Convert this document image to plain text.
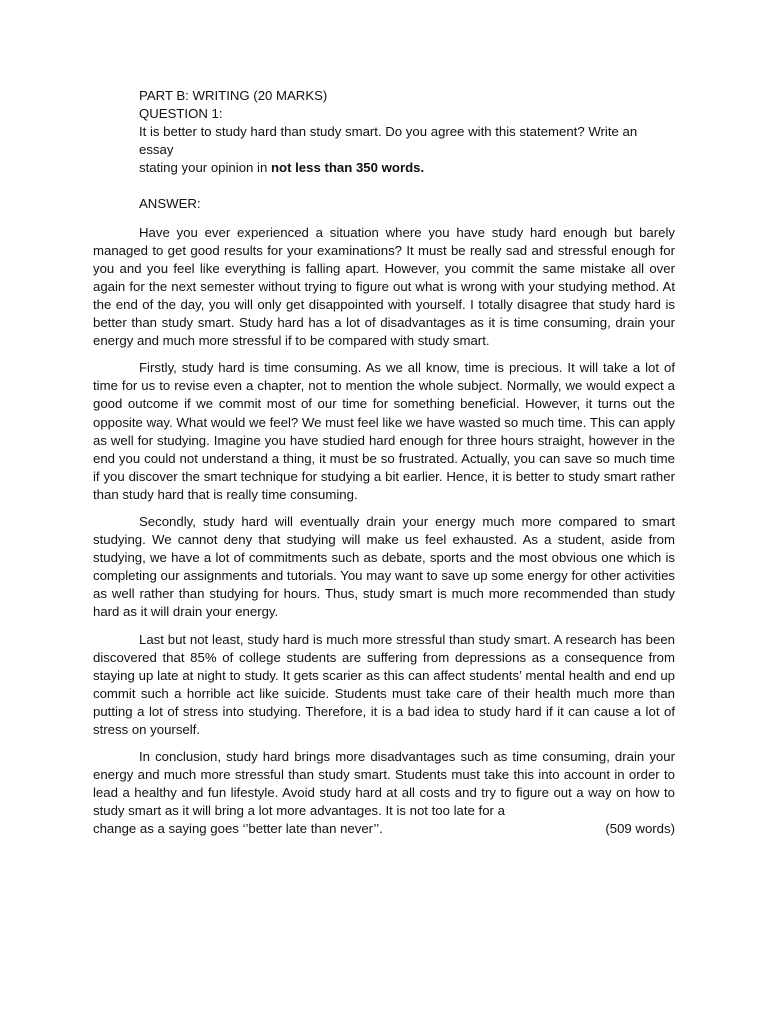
PART B: WRITING (20 MARKS)
QUESTION 1:
It is better to study hard than study smart. Do you agree with this statement? Write an essay
stating your opinion in not less than 350 words.

ANSWER:

Have you ever experienced a situation where you have study hard enough but barely managed to get good results for your examinations? It must be really sad and stressful enough for you and you feel like everything is falling apart. However, you commit the same mistake all over again for the next semester without trying to figure out what is wrong with your studying method. At the end of the day, you will only get disappointed with yourself. I totally disagree that study hard is better than study smart. Study hard has a lot of disadvantages as it is time consuming, drain your energy and much more stressful if to be compared with study smart.

Firstly, study hard is time consuming. As we all know, time is precious. It will take a lot of time for us to revise even a chapter, not to mention the whole subject. Normally, we would expect a good outcome if we commit most of our time for something beneficial. However, it turns out the opposite way. What would we feel? We must feel like we have wasted so much time. This can apply as well for studying. Imagine you have studied hard enough for three hours straight, however in the end you could not understand a thing, it must be so frustrated. Actually, you can save so much time if you discover the smart technique for studying a bit earlier. Hence, it is better to study smart rather than study hard that is really time consuming.

Secondly, study hard will eventually drain your energy much more compared to smart studying. We cannot deny that studying will make us feel exhausted. As a student, aside from studying, we have a lot of commitments such as debate, sports and the most obvious one which is completing our assignments and tutorials. You may want to save up some energy for other activities as well rather than studying for hours. Thus, study smart is much more recommended than study hard as it will drain your energy.

Last but not least, study hard is much more stressful than study smart. A research has been discovered that 85% of college students are suffering from depressions as a consequence from staying up late at night to study. It gets scarier as this can affect students’ mental health and end up commit such a horrible act like suicide. Students must take care of their health much more than putting a lot of stress into studying. Therefore, it is a bad idea to study hard if it can cause a lot of stress on yourself.

In conclusion, study hard brings more disadvantages such as time consuming, drain your energy and much more stressful than study smart. Students must take this into account in order to lead a healthy and fun lifestyle. Avoid study hard at all costs and try to figure out a way on how to study smart as it will bring a lot more advantages. It is not too late for a

change as a saying goes ‘’better late than never’’.	(509 words)
